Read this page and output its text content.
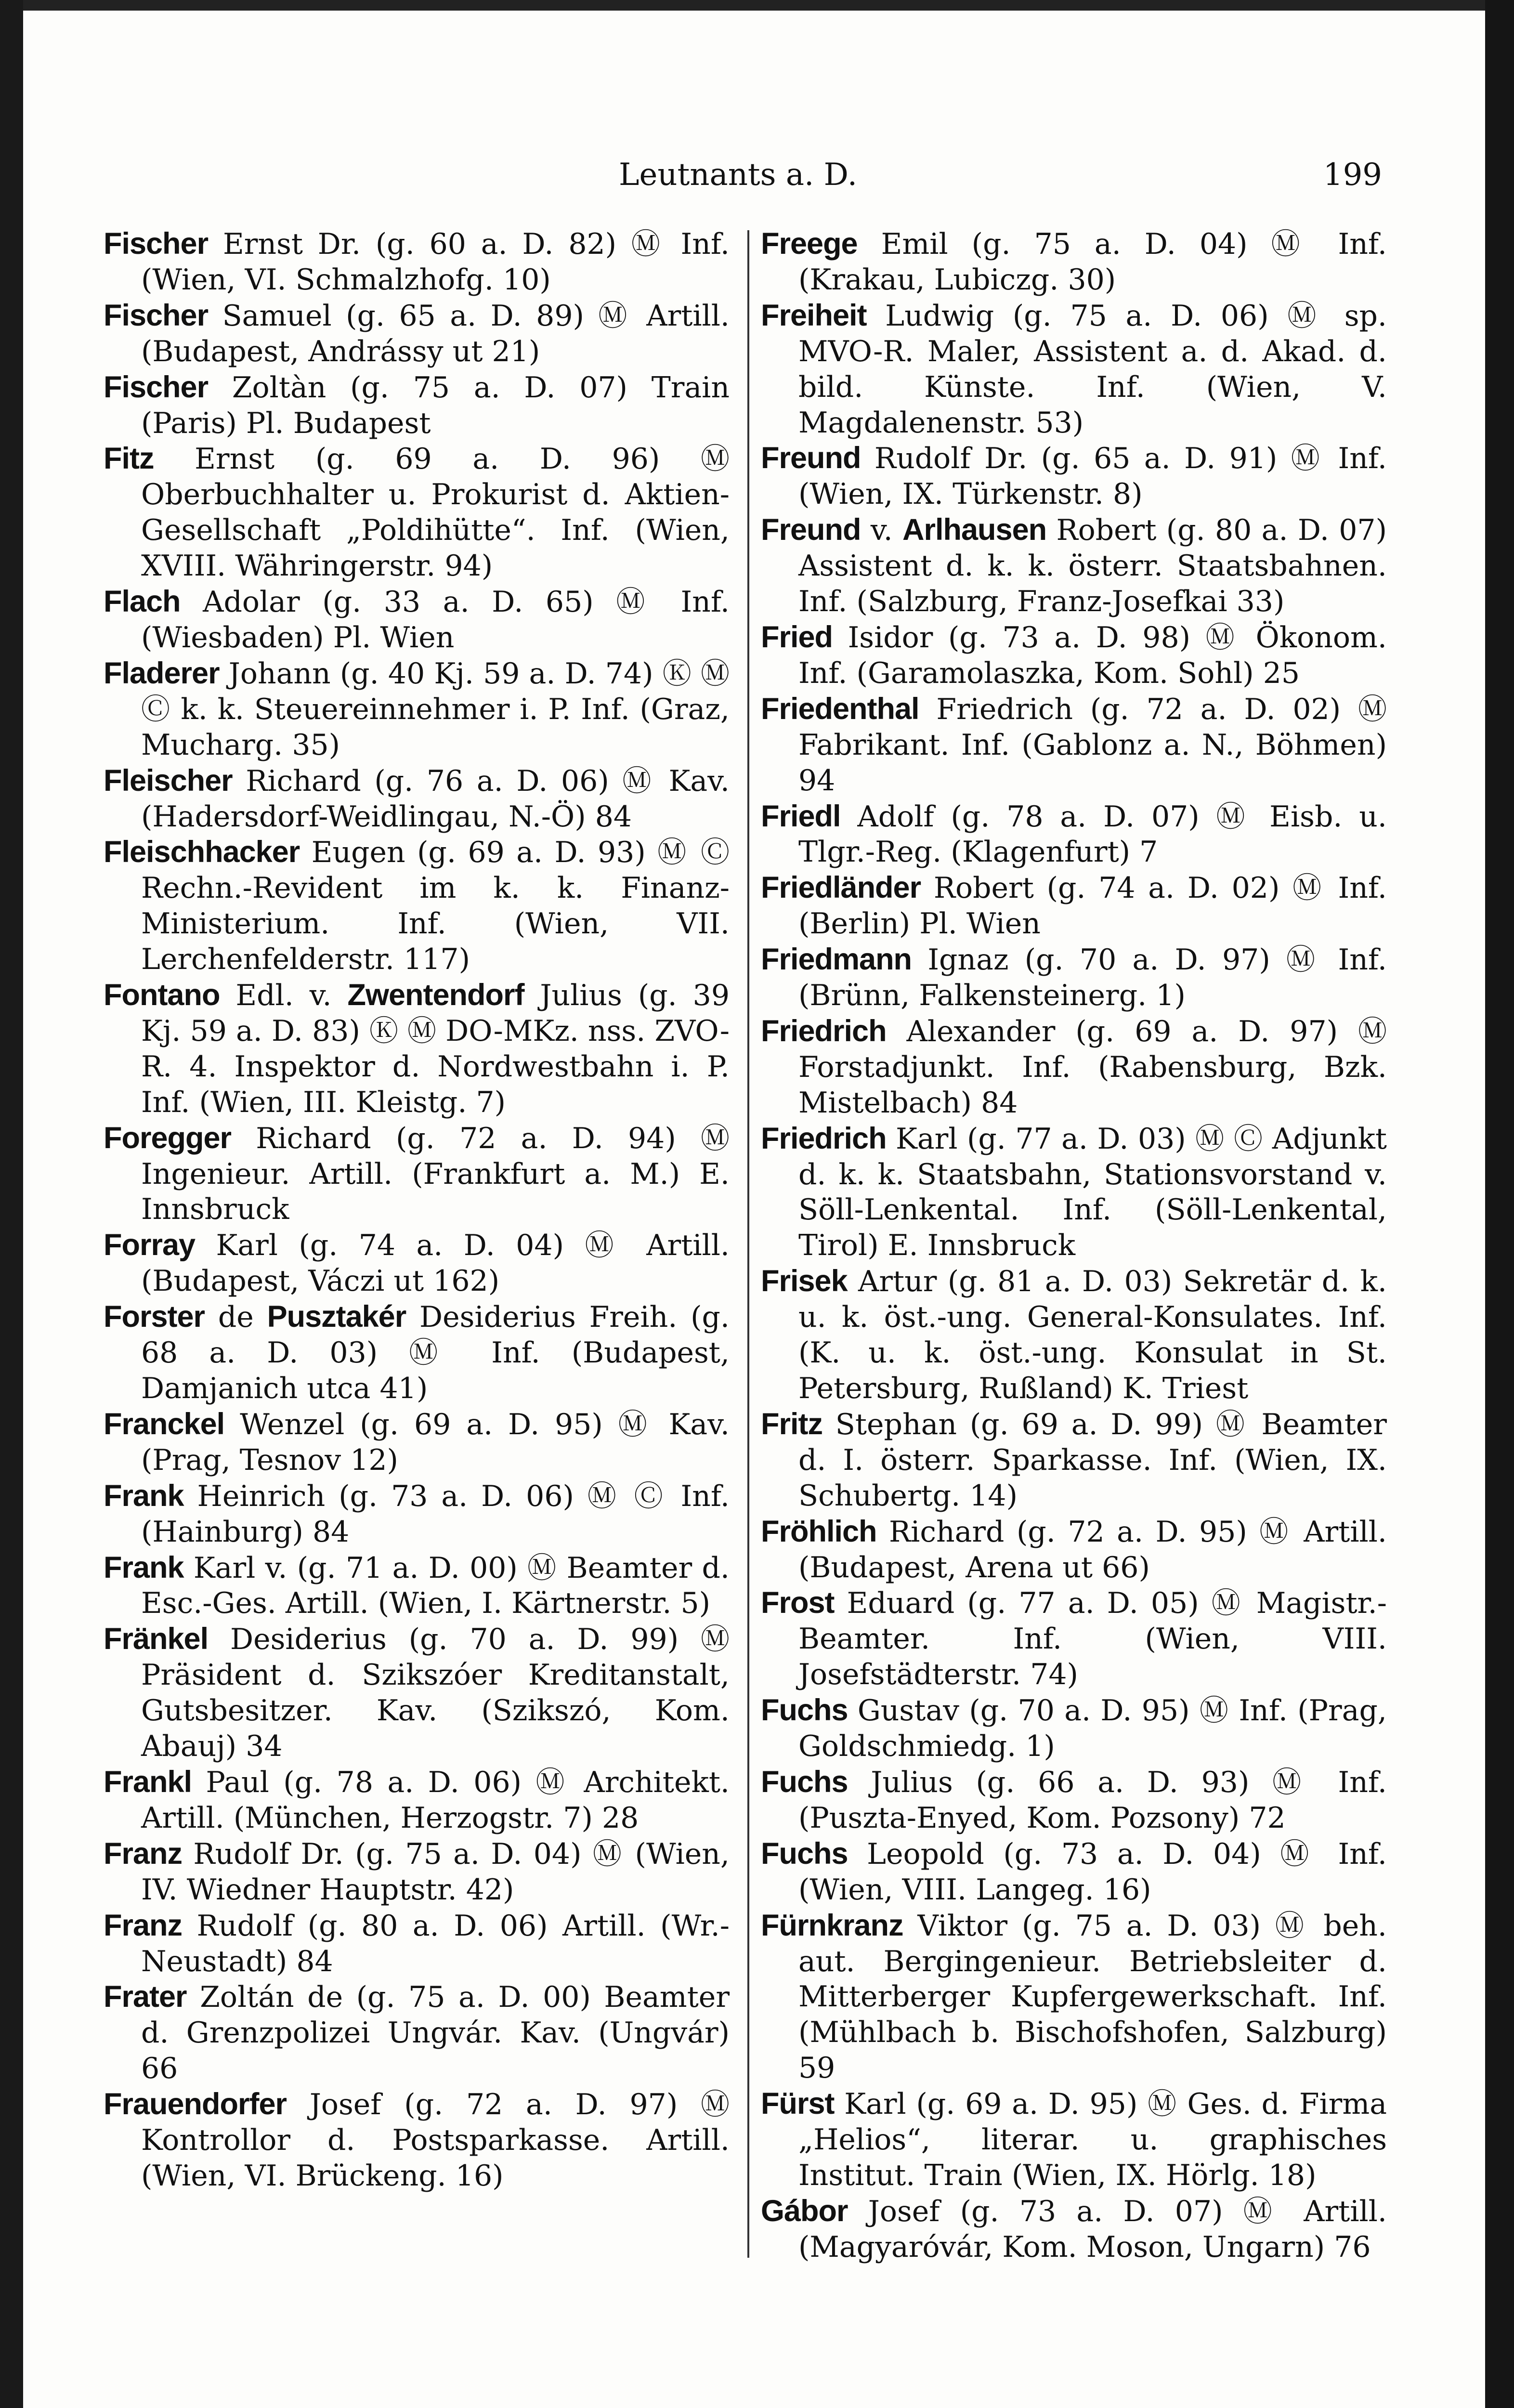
Leutnants a. D.	199
Fischer Ernst Dr. (g. 60 a. D. 82) Ⓜ Inf. (Wien, VI. Schmalzhofg. 10)
Fischer Samuel (g. 65 a. D. 89) Ⓜ Artill. (Budapest, Andrássy ut 21)
Fischer Zoltàn (g. 75 a. D. 07) Train (Paris) Pl. Budapest
Fitz Ernst (g. 69 a. D. 96) Ⓜ Oberbuchhalter u. Prokurist d. Aktien-Gesellschaft „Poldihütte“. Inf. (Wien, XVIII. Währingerstr. 94)
Flach Adolar (g. 33 a. D. 65) Ⓜ Inf. (Wiesbaden) Pl. Wien
Fladerer Johann (g. 40 Kj. 59 a. D. 74) Ⓚ Ⓜ Ⓒ k. k. Steuereinnehmer i. P. Inf. (Graz, Mucharg. 35)
Fleischer Richard (g. 76 a. D. 06) Ⓜ Kav. (Hadersdorf-Weidlingau, N.-Ö) 84
Fleischhacker Eugen (g. 69 a. D. 93) Ⓜ Ⓒ Rechn.-Revident im k. k. Finanz-Ministerium. Inf. (Wien, VII. Lerchenfelderstr. 117)
Fontano Edl. v. Zwentendorf Julius (g. 39 Kj. 59 a. D. 83) Ⓚ Ⓜ DO-MKz. nss. ZVO-R. 4. Inspektor d. Nordwestbahn i. P. Inf. (Wien, III. Kleistg. 7)
Foregger Richard (g. 72 a. D. 94) Ⓜ Ingenieur. Artill. (Frankfurt a. M.) E. Innsbruck
Forray Karl (g. 74 a. D. 04) Ⓜ Artill. (Budapest, Váczi ut 162)
Forster de Pusztakér Desiderius Freih. (g. 68 a. D. 03) Ⓜ Inf. (Budapest, Damjanich utca 41)
Franckel Wenzel (g. 69 a. D. 95) Ⓜ Kav. (Prag, Tesnov 12)
Frank Heinrich (g. 73 a. D. 06) Ⓜ Ⓒ Inf. (Hainburg) 84
Frank Karl v. (g. 71 a. D. 00) Ⓜ Beamter d. Esc.-Ges. Artill. (Wien, I. Kärtnerstr. 5)
Fränkel Desiderius (g. 70 a. D. 99) Ⓜ Präsident d. Szikszóer Kreditanstalt, Gutsbesitzer. Kav. (Szikszó, Kom. Abauj) 34
Frankl Paul (g. 78 a. D. 06) Ⓜ Architekt. Artill. (München, Herzogstr. 7) 28
Franz Rudolf Dr. (g. 75 a. D. 04) Ⓜ (Wien, IV. Wiedner Hauptstr. 42)
Franz Rudolf (g. 80 a. D. 06) Artill. (Wr.-Neustadt) 84
Frater Zoltán de (g. 75 a. D. 00) Beamter d. Grenzpolizei Ungvár. Kav. (Ungvár) 66
Frauendorfer Josef (g. 72 a. D. 97) Ⓜ Kontrollor d. Postsparkasse. Artill. (Wien, VI. Brückeng. 16)
Freege Emil (g. 75 a. D. 04) Ⓜ Inf. (Krakau, Lubiczg. 30)
Freiheit Ludwig (g. 75 a. D. 06) Ⓜ sp. MVO-R. Maler, Assistent a. d. Akad. d. bild. Künste. Inf. (Wien, V. Magdalenenstr. 53)
Freund Rudolf Dr. (g. 65 a. D. 91) Ⓜ Inf. (Wien, IX. Türkenstr. 8)
Freund v. Arlhausen Robert (g. 80 a. D. 07) Assistent d. k. k. österr. Staatsbahnen. Inf. (Salzburg, Franz-Josefkai 33)
Fried Isidor (g. 73 a. D. 98) Ⓜ Ökonom. Inf. (Garamolaszka, Kom. Sohl) 25
Friedenthal Friedrich (g. 72 a. D. 02) Ⓜ Fabrikant. Inf. (Gablonz a. N., Böhmen) 94
Friedl Adolf (g. 78 a. D. 07) Ⓜ Eisb. u. Tlgr.-Reg. (Klagenfurt) 7
Friedländer Robert (g. 74 a. D. 02) Ⓜ Inf. (Berlin) Pl. Wien
Friedmann Ignaz (g. 70 a. D. 97) Ⓜ Inf. (Brünn, Falkensteinerg. 1)
Friedrich Alexander (g. 69 a. D. 97) Ⓜ Forstadjunkt. Inf. (Rabensburg, Bzk. Mistelbach) 84
Friedrich Karl (g. 77 a. D. 03) Ⓜ Ⓒ Adjunkt d. k. k. Staatsbahn, Stationsvorstand v. Söll-Lenkental. Inf. (Söll-Lenkental, Tirol) E. Innsbruck
Frisek Artur (g. 81 a. D. 03) Sekretär d. k. u. k. öst.-ung. General-Konsulates. Inf. (K. u. k. öst.-ung. Konsulat in St. Petersburg, Rußland) K. Triest
Fritz Stephan (g. 69 a. D. 99) Ⓜ Beamter d. I. österr. Sparkasse. Inf. (Wien, IX. Schubertg. 14)
Fröhlich Richard (g. 72 a. D. 95) Ⓜ Artill. (Budapest, Arena ut 66)
Frost Eduard (g. 77 a. D. 05) Ⓜ Magistr.-Beamter. Inf. (Wien, VIII. Josefstädterstr. 74)
Fuchs Gustav (g. 70 a. D. 95) Ⓜ Inf. (Prag, Goldschmiedg. 1)
Fuchs Julius (g. 66 a. D. 93) Ⓜ Inf. (Puszta-Enyed, Kom. Pozsony) 72
Fuchs Leopold (g. 73 a. D. 04) Ⓜ Inf. (Wien, VIII. Langeg. 16)
Fürnkranz Viktor (g. 75 a. D. 03) Ⓜ beh. aut. Bergingenieur. Betriebsleiter d. Mitterberger Kupfergewerkschaft. Inf. (Mühlbach b. Bischofshofen, Salzburg) 59
Fürst Karl (g. 69 a. D. 95) Ⓜ Ges. d. Firma „Helios“, literar. u. graphisches Institut. Train (Wien, IX. Hörlg. 18)
Gábor Josef (g. 73 a. D. 07) Ⓜ Artill. (Magyaróvár, Kom. Moson, Ungarn) 76
